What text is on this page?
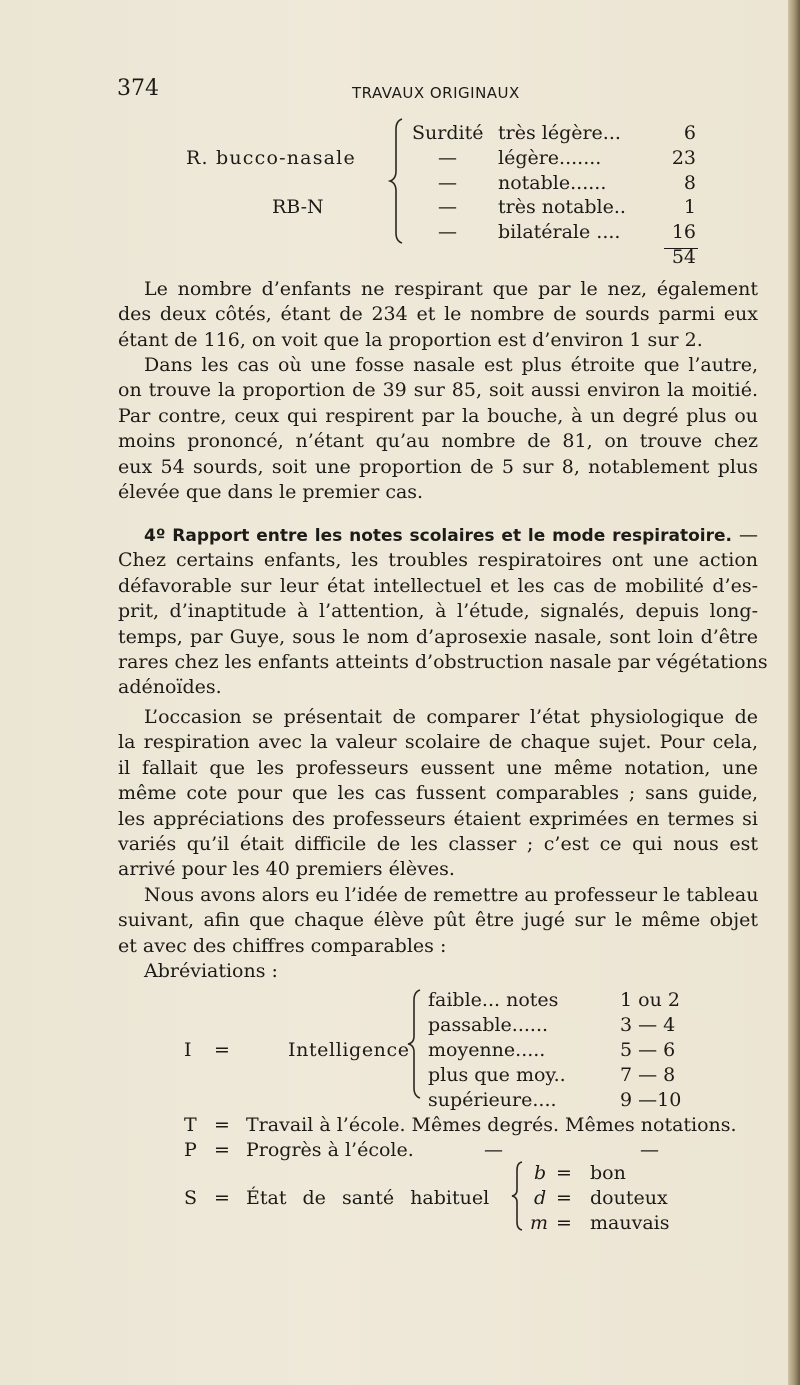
374	TRAVAUX ORIGINAUX
R. bucco-nasale
RB-N
Surdité très légère...	6
— légère.......	23
— notable......	8
— très notable..	1
— bilatérale ....	16
54
Le nombre d’enfants ne respirant que par le nez, également
des deux côtés, étant de 234 et le nombre de sourds parmi eux
étant de 116, on voit que la proportion est d’environ 1 sur 2.
Dans les cas où une fosse nasale est plus étroite que l’autre,
on trouve la proportion de 39 sur 85, soit aussi environ la moitié.
Par contre, ceux qui respirent par la bouche, à un degré plus ou
moins prononcé, n’étant qu’au nombre de 81, on trouve chez
eux 54 sourds, soit une proportion de 5 sur 8, notablement plus
élevée que dans le premier cas.
4º Rapport entre les notes scolaires et le mode respiratoire. —
Chez certains enfants, les troubles respiratoires ont une action
défavorable sur leur état intellectuel et les cas de mobilité d’es-
prit, d’inaptitude à l’attention, à l’étude, signalés, depuis long-
temps, par Guye, sous le nom d’aprosexie nasale, sont loin d’être
rares chez les enfants atteints d’obstruction nasale par végétations
adénoïdes.
L’occasion se présentait de comparer l’état physiologique de
la respiration avec la valeur scolaire de chaque sujet. Pour cela,
il fallait que les professeurs eussent une même notation, une
même cote pour que les cas fussent comparables ; sans guide,
les appréciations des professeurs étaient exprimées en termes si
variés qu’il était difficile de les classer ; c’est ce qui nous est
arrivé pour les 40 premiers élèves.
Nous avons alors eu l’idée de remettre au professeur le tableau
suivant, afin que chaque élève pût être jugé sur le même objet
et avec des chiffres comparables :
Abréviations :
I =	Intelligence
faible... notes	1 ou 2
passable......	3 — 4
moyenne.....	5 — 6
plus que moy..	7 — 8
supérieure....	9 —10
T = Travail à l’école. Mêmes degrés. Mêmes notations.
P = Progrès à l’école.	—	—
S = État de santé habituel
b = bon
d = douteux
m = mauvais
